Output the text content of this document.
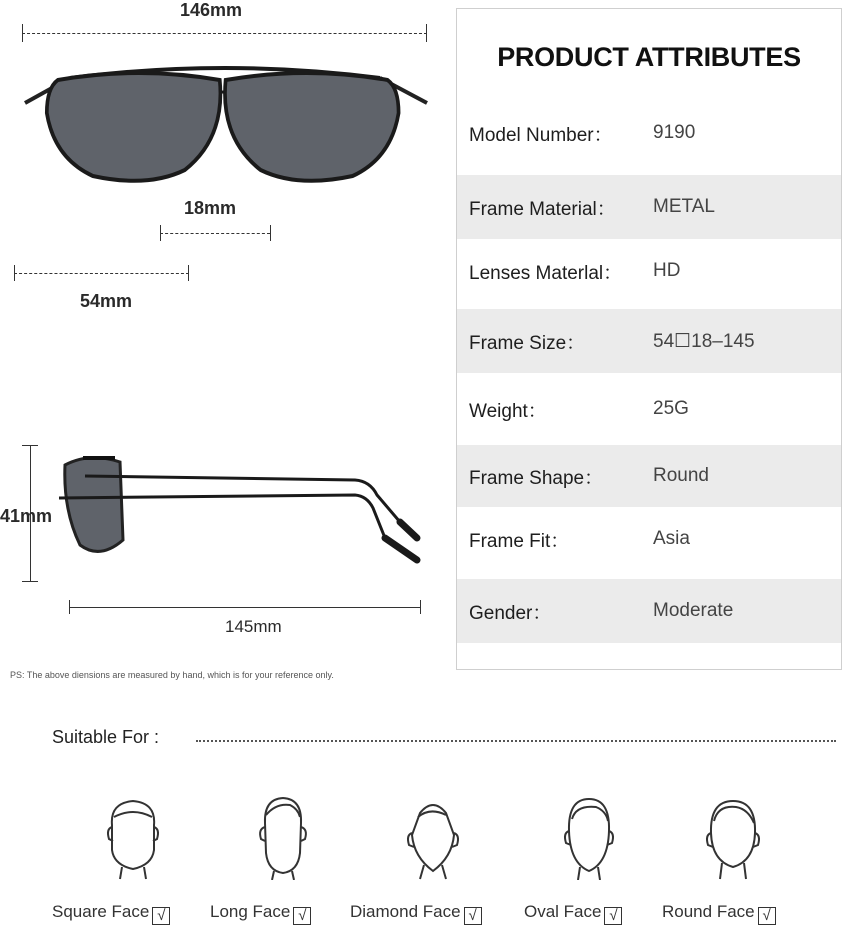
146mm
18mm
54mm
41mm
145mm
PS: The above diensions are measured by hand, which is for your reference only.
PRODUCT ATTRIBUTES
Model Number： 9190
Frame Material： METAL
Lenses Materlal： HD
Frame Size：	54☐18–145
Weight：	25G
Frame Shape：	Round
Frame Fit：	Asia
Gender：	Moderate
Suitable For :
Square Face √	Long Face √	Diamond Face √	Oval Face √	Round Face √
